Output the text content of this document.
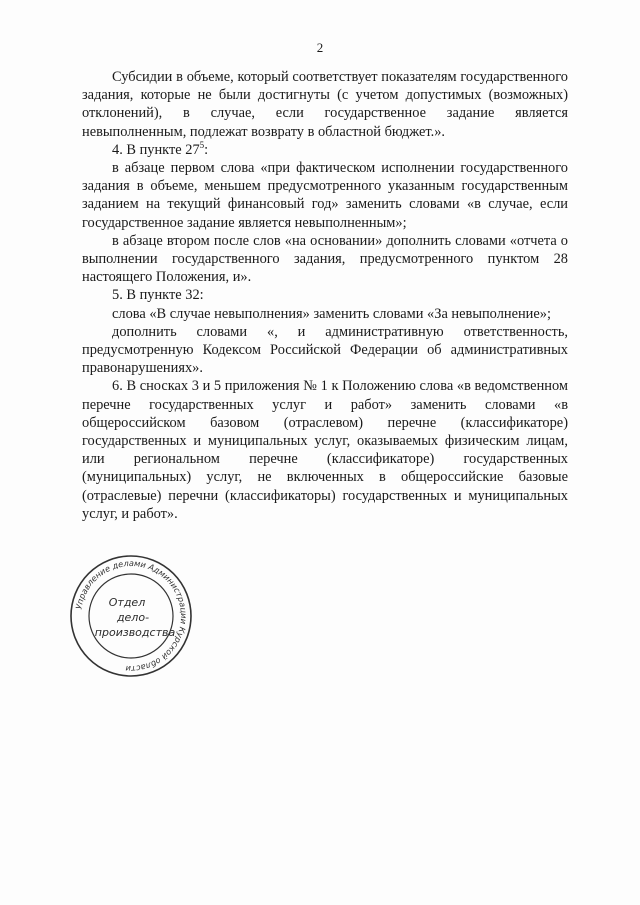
2

Субсидии в объеме, который соответствует показателям государственного задания, которые не были достигнуты (с учетом допустимых (возможных) отклонений), в случае, если государственное задание является невыполненным, подлежат возврату в областной бюджет.».

4. В пункте $27^5$:

в абзаце первом слова «при фактическом исполнении государственного задания в объеме, меньшем предусмотренного указанным государственным заданием на текущий финансовый год» заменить словами «в случае, если государственное задание является невыполненным»;

в абзаце втором после слов «на основании» дополнить словами «отчета о выполнении государственного задания, предусмотренного пунктом 28 настоящего Положения, и».

5. В пункте 32:

слова «В случае невыполнения» заменить словами «За невыполнение»;

дополнить словами «, и административную ответственность, предусмотренную Кодексом Российской Федерации об административных правонарушениях».

6. В сносках 3 и 5 приложения № 1 к Положению слова «в ведомственном перечне государственных услуг и работ» заменить словами «в общероссийском базовом (отраслевом) перечне (классификаторе) государственных и муниципальных услуг, оказываемых физическим лицам, или региональном перечне (классификаторе) государственных (муниципальных) услуг, не включенных в общероссийские базовые (отраслевые) перечни (классификаторы) государственных и муниципальных услуг, и работ».

Управление делами Администрации Курской области
Отдел
дело-
производства
